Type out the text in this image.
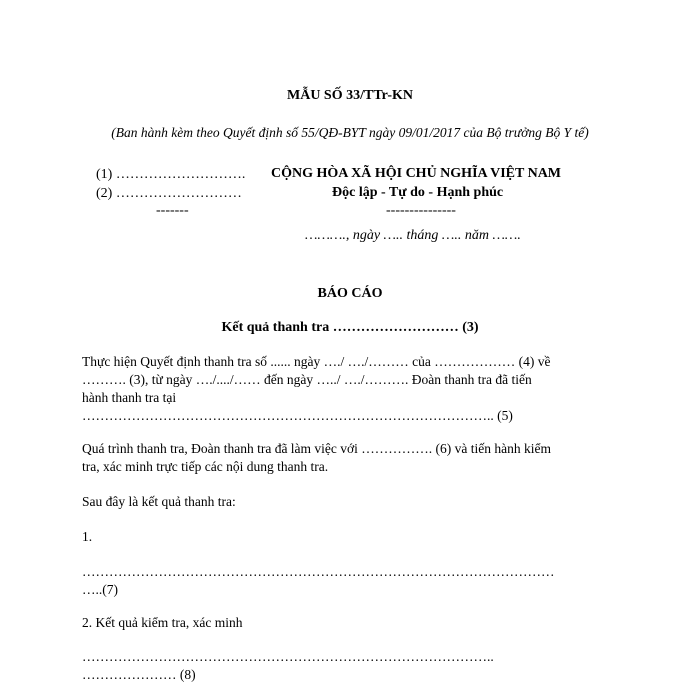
MẪU SỐ 33/TTr-KN
(Ban hành kèm theo Quyết định số 55/QĐ-BYT ngày 09/01/2017 của Bộ trưởng Bộ Y tế)
(1) ……………………….
(2) ………………………
-------
CỘNG HÒA XÃ HỘI CHỦ NGHĨA VIỆT NAM
Độc lập - Tự do - Hạnh phúc
---------------
………., ngày ….. tháng ….. năm …….
BÁO CÁO
Kết quả thanh tra ……………………… (3)
Thực hiện Quyết định thanh tra số ...... ngày …./ …./……… của ……………… (4) về
………. (3), từ ngày …./..../…… đến ngày …../ …./………. Đoàn thanh tra đã tiến
hành thanh tra tại
……………………………………………………………………………….. (5)
Quá trình thanh tra, Đoàn thanh tra đã làm việc với ……………. (6) và tiến hành kiểm
tra, xác minh trực tiếp các nội dung thanh tra.
Sau đây là kết quả thanh tra:
1.
……………………………………………………………………………………………
…..(7)
2. Kết quả kiểm tra, xác minh
………………………………………………………………………………..
………………… (8)
